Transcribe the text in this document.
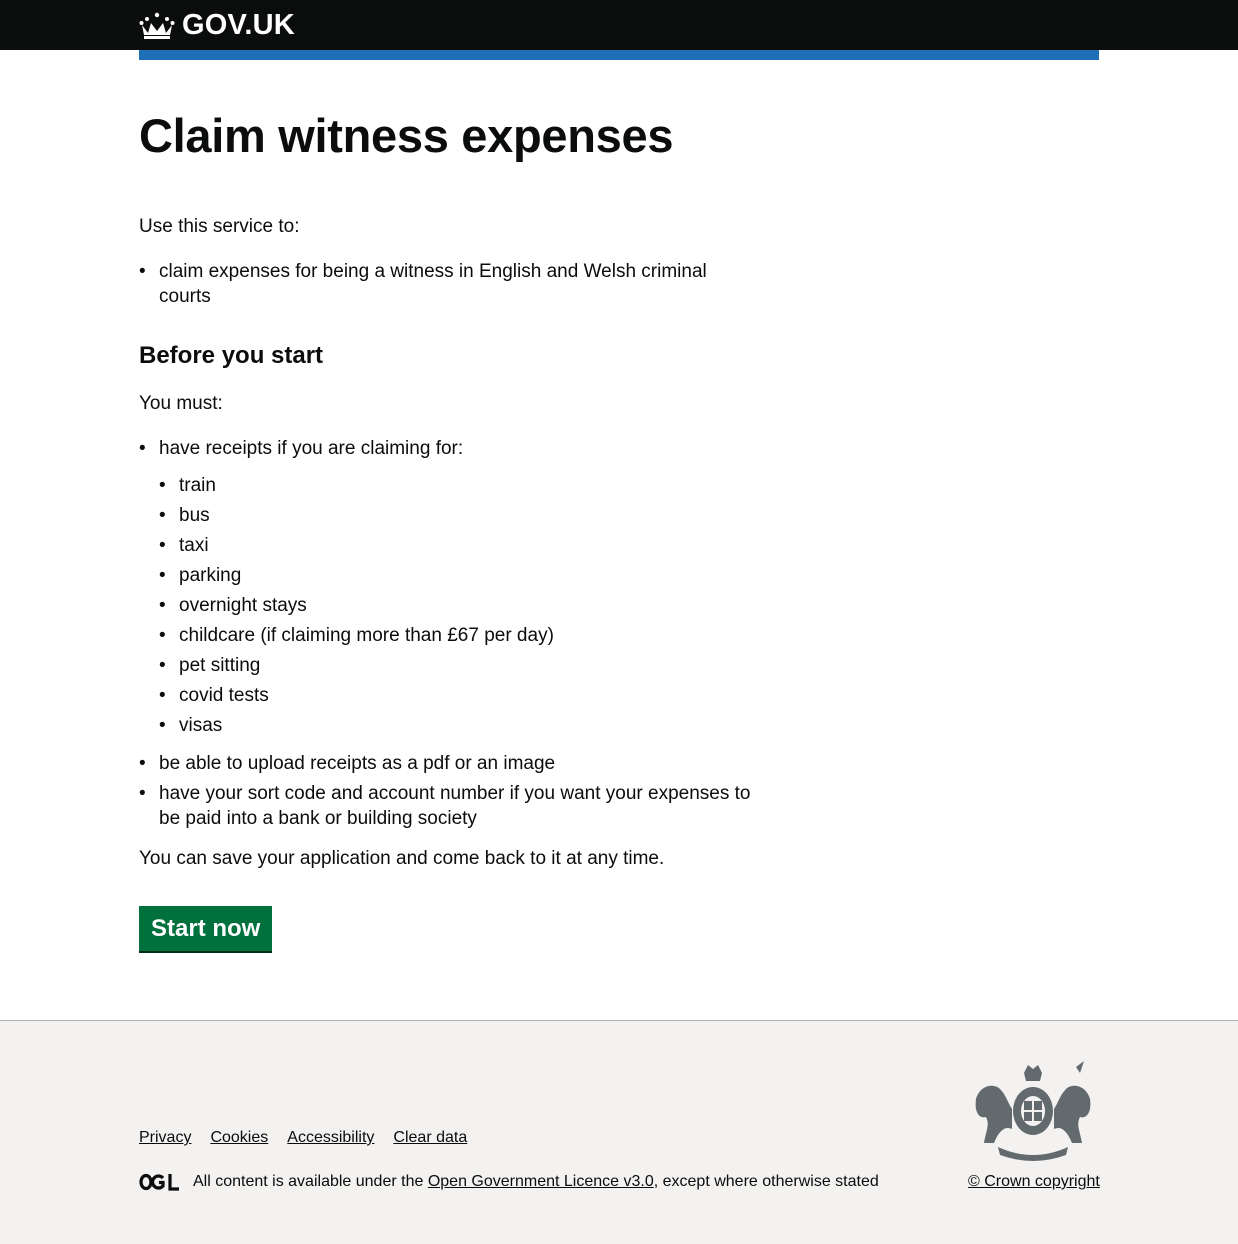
GOV.UK
Claim witness expenses

Use this service to:

• claim expenses for being a witness in English and Welsh criminal courts
Before you start

You must:

• have receipts if you are claiming for:
• train
• bus
• taxi
• parking
• overnight stays
• childcare (if claiming more than £67 per day)
• pet sitting
• covid tests
• visas
• be able to upload receipts as a pdf or an image
• have your sort code and account number if you want your expenses to be paid into a bank or building society

You can save your application and come back to it at any time.

Start now
Privacy Cookies Accessibility Clear data
All content is available under the
Open Government Licence v3.0 , except where otherwise stated	© Crown copyright
